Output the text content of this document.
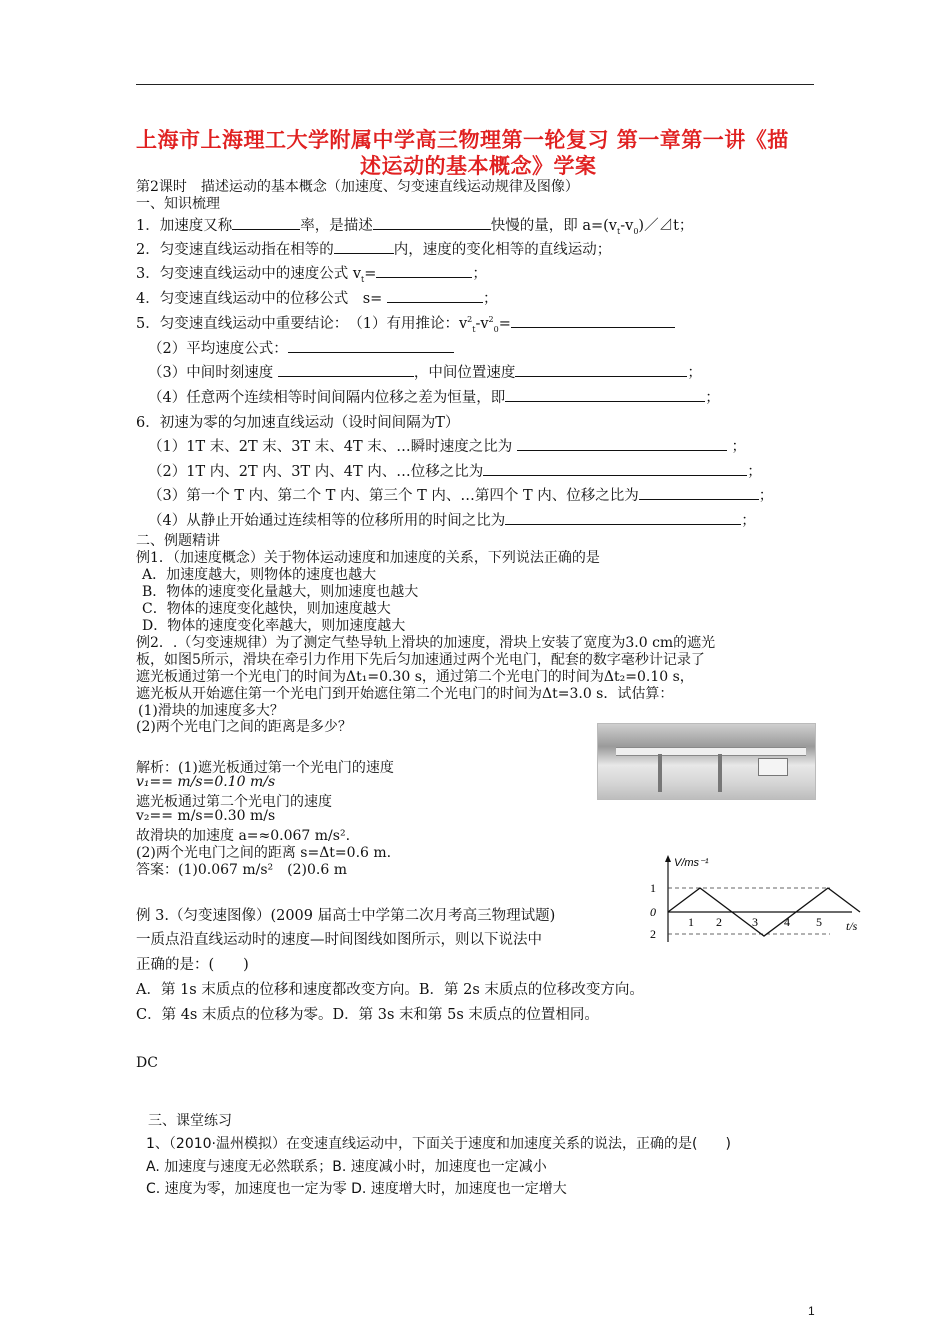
上海市上海理工大学附属中学高三物理第一轮复习 第一章第一讲《描
述运动的基本概念》学案
第2课时　描述运动的基本概念（加速度、匀变速直线运动规律及图像）
一、知识梳理
1．加速度又称	率，是描述	快慢的量，即 $a=(v_t-v_0)/⊿t$；
2．匀变速直线运动指在相等的	内，速度的变化相等的直线运动；
3．匀变速直线运动中的速度公式 $v_t=$	；
4．匀变速直线运动中的位移公式　s=	；
5．匀变速直线运动中重要结论：　（1）有用推论：$v^2_t-v^2_0=$
（2）平均速度公式：
（3）中间时刻速度	，中间位置速度	；
（4）任意两个连续相等时间间隔内位移之差为恒量，即	；
6．初速为零的匀加速直线运动（设时间间隔为T）
（1）1T 末、2T 末、3T 末、4T 末、…瞬时速度之比为	；
（2）1T 内、2T 内、3T 内、4T 内、…位移之比为	；
（3）第一个 T 内、第二个 T 内、第三个 T 内、…第四个 T 内、位移之比为	；
（4）从静止开始通过连续相等的位移所用的时间之比为	；
二、例题精讲
例1．（加速度概念）关于物体运动速度和加速度的关系，下列说法正确的是
A．加速度越大，则物体的速度也越大
B．物体的速度变化量越大，则加速度也越大
C．物体的速度变化越快，则加速度越大
D．物体的速度变化率越大，则加速度越大
例2．.（匀变速规律）为了测定气垫导轨上滑块的加速度，滑块上安装了宽度为3.0 cm的遮光
板，如图5所示，滑块在牵引力作用下先后匀加速通过两个光电门，配套的数字毫秒计记录了
遮光板通过第一个光电门的时间为Δt₁=0.30 s，通过第二个光电门的时间为Δt₂=0.10 s，
遮光板从开始遮住第一个光电门到开始遮住第二个光电门的时间为Δt=3.0 s．试估算：
(1)滑块的加速度多大？
(2)两个光电门之间的距离是多少？
解析：(1)遮光板通过第一个光电门的速度
v₁== m/s=0.10 m/s
遮光板通过第二个光电门的速度
v₂== m/s=0.30 m/s
故滑块的加速度 a=≈0.067 m/s².
(2)两个光电门之间的距离 s=Δt=0.6 m.
答案：(1)0.067 m/s²　(2)0.6 m
例 3.（匀变速图像）(2009 届高士中学第二次月考高三物理试题)
一质点沿直线运动时的速度—时间图线如图所示，则以下说法中
正确的是：(　　)
A．第 1s 末质点的位移和速度都改变方向。B．第 2s 末质点的位移改变方向。
C．第 4s 末质点的位移为零。D．第 3s 末和第 5s 末质点的位置相同。
V/ms⁻¹
1
0
2
1 2	3 4 5 t/s
DC
三、课堂练习
1、（2010·温州模拟）在变速直线运动中，下面关于速度和加速度关系的说法，正确的是(　　)
A. 加速度与速度无必然联系；B. 速度减小时，加速度也一定减小
C. 速度为零，加速度也一定为零 D. 速度增大时，加速度也一定增大
1
